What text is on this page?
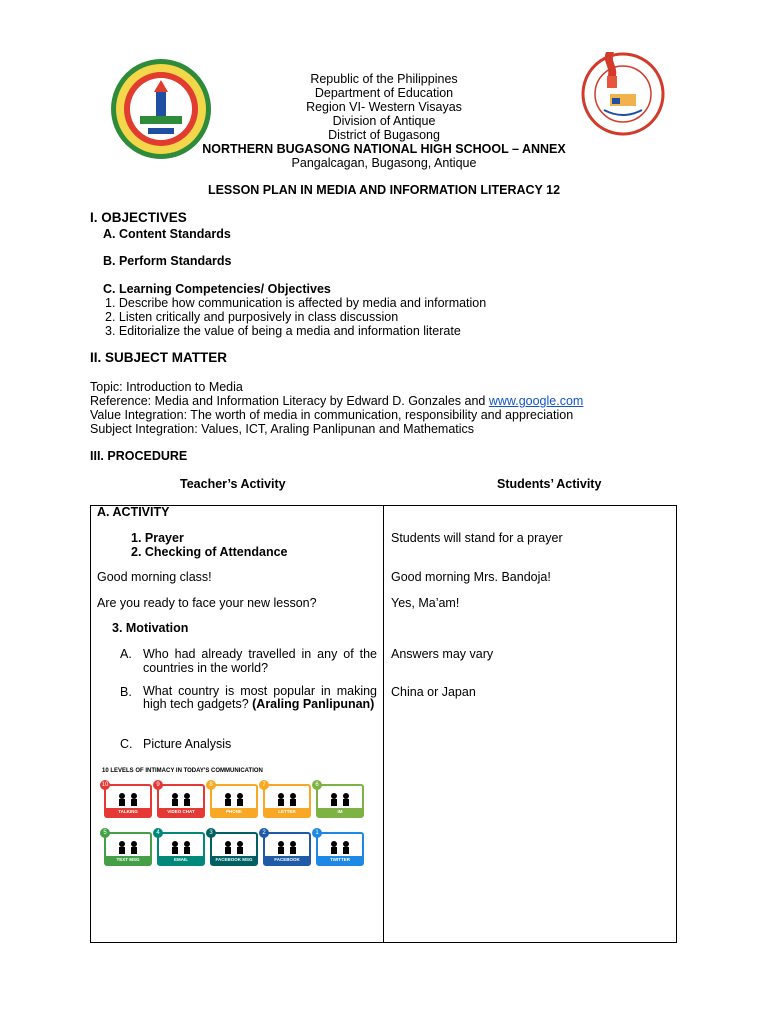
Republic of the Philippines
Department of Education
Region VI- Western Visayas
Division of Antique
District of Bugasong
NORTHERN BUGASONG NATIONAL HIGH SCHOOL – ANNEX
Pangalcagan, Bugasong, Antique
LESSON PLAN IN MEDIA AND INFORMATION LITERACY 12
I. OBJECTIVES
A. Content Standards
B. Perform Standards
C. Learning Competencies/ Objectives
1. Describe how communication is affected by media and information
2. Listen critically and purposively in class discussion
3. Editorialize the value of being a media and information literate
II. SUBJECT MATTER
Topic: Introduction to Media
Reference: Media and Information Literacy by Edward D. Gonzales and www.google.com
Value Integration: The worth of media in communication, responsibility and appreciation
Subject Integration: Values, ICT, Araling Panlipunan and Mathematics
III. PROCEDURE
Teacher’s Activity	Students’ Activity
A. ACTIVITY
1. Prayer
2. Checking of Attendance
Good morning class!
Are you ready to face your new lesson?
3. Motivation
A. Who had already travelled in any of the countries in the world?
B. What country is most popular in making high tech gadgets? (Araling Panlipunan)
C. Picture Analysis
10 LEVELS OF INTIMACY IN TODAY'S COMMUNICATION
TALKING
10
VIDEO CHAT
9
PHONE
8
LETTER
7
IM
6
TEXT MSG
5
EMAIL
4
FACEBOOK MSG
3
FACEBOOK STATUS
2
TWITTER
1
Students will stand for a prayer
Good morning Mrs. Bandoja!
Yes, Ma’am!
Answers may vary
China or Japan
